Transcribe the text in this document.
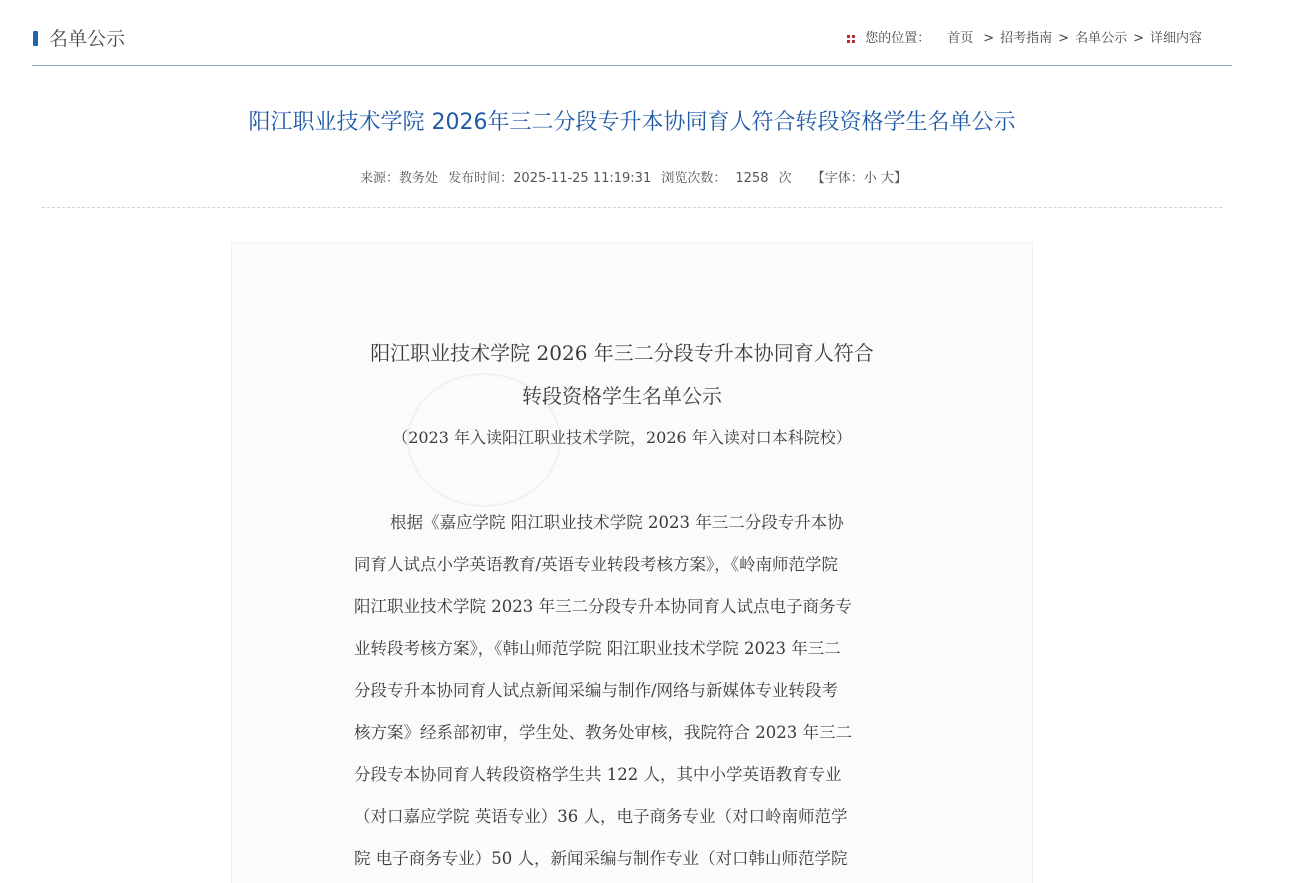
名单公示	您的位置： 首页 > 招考指南 > 名单公示 > 详细内容
阳江职业技术学院 2026年三二分段专升本协同育人符合转段资格学生名单公示
来源：教务处 发布时间：2025-11-25 11:19:31 浏览次数： 1258 次 【字体：小 大】
阳江职业技术学院 2026 年三二分段专升本协同育人符合
转段资格学生名单公示
（2023 年入读阳江职业技术学院，2026 年入读对口本科院校）
根据《嘉应学院 阳江职业技术学院 2023 年三二分段专升本协
同育人试点小学英语教育/英语专业转段考核方案》，《岭南师范学院
阳江职业技术学院 2023 年三二分段专升本协同育人试点电子商务专
业转段考核方案》，《韩山师范学院 阳江职业技术学院 2023 年三二
分段专升本协同育人试点新闻采编与制作/网络与新媒体专业转段考
核方案》经系部初审，学生处、教务处审核，我院符合 2023 年三二
分段专本协同育人转段资格学生共 122 人，其中小学英语教育专业
（对口嘉应学院 英语专业）36 人，电子商务专业（对口岭南师范学
院 电子商务专业）50 人，新闻采编与制作专业（对口韩山师范学院
